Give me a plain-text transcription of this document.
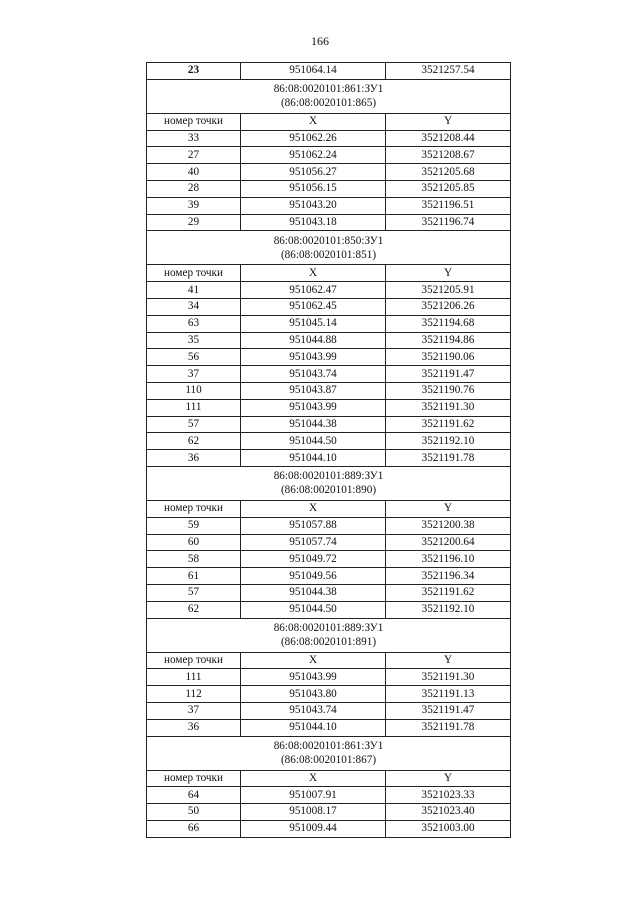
166
23	951064.14	3521257.54

86:08:0020101:861:ЗУ1
(86:08:0020101:865)		

номер точки	X	Y
33	951062.26	3521208.44
27	951062.24	3521208.67
40	951056.27	3521205.68
28	951056.15	3521205.85
39	951043.20	3521196.51
29	951043.18	3521196.74

86:08:0020101:850:ЗУ1
(86:08:0020101:851)		

номер точки	X	Y
41	951062.47	3521205.91
34	951062.45	3521206.26
63	951045.14	3521194.68
35	951044.88	3521194.86
56	951043.99	3521190.06
37	951043.74	3521191.47
110	951043.87	3521190.76
111	951043.99	3521191.30
57	951044.38	3521191.62
62	951044.50	3521192.10
36	951044.10	3521191.78

86:08:0020101:889:ЗУ1
(86:08:0020101:890)		

номер точки	X	Y
59	951057.88	3521200.38
60	951057.74	3521200.64
58	951049.72	3521196.10
61	951049.56	3521196.34
57	951044.38	3521191.62
62	951044.50	3521192.10

86:08:0020101:889:ЗУ1
(86:08:0020101:891)		

номер точки	X	Y
111	951043.99	3521191.30
112	951043.80	3521191.13
37	951043.74	3521191.47
36	951044.10	3521191.78

86:08:0020101:861:ЗУ1
(86:08:0020101:867)		

номер точки	X	Y
64	951007.91	3521023.33
50	951008.17	3521023.40
66	951009.44	3521003.00
